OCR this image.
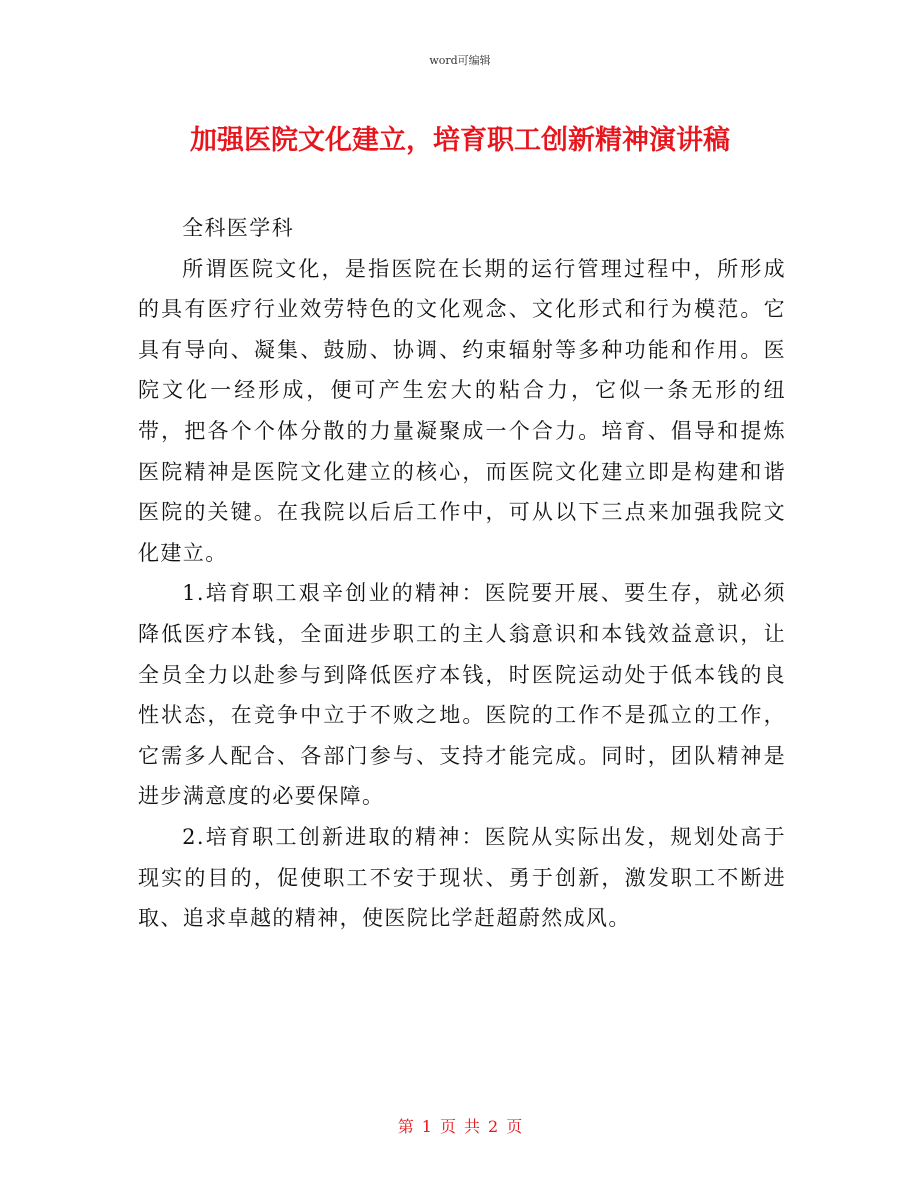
word可编辑
加强医院文化建立，培育职工创新精神演讲稿

全科医学科

所谓医院文化，是指医院在长期的运行管理过程中，所形成的具有医疗行业效劳特色的文化观念、文化形式和行为模范。它具有导向、凝集、鼓励、协调、约束辐射等多种功能和作用。医院文化一经形成，便可产生宏大的粘合力，它似一条无形的纽带，把各个个体分散的力量凝聚成一个合力。培育、倡导和提炼医院精神是医院文化建立的核心，而医院文化建立即是构建和谐医院的关键。在我院以后后工作中，可从以下三点来加强我院文化建立。

1.培育职工艰辛创业的精神：医院要开展、要生存，就必须降低医疗本钱，全面进步职工的主人翁意识和本钱效益意识，让全员全力以赴参与到降低医疗本钱，时医院运动处于低本钱的良性状态，在竞争中立于不败之地。医院的工作不是孤立的工作，它需多人配合、各部门参与、支持才能完成。同时，团队精神是进步满意度的必要保障。

2.培育职工创新进取的精神：医院从实际出发，规划处高于现实的目的，促使职工不安于现状、勇于创新，激发职工不断进取、追求卓越的精神，使医院比学赶超蔚然成风。

第 1 页 共 2 页
